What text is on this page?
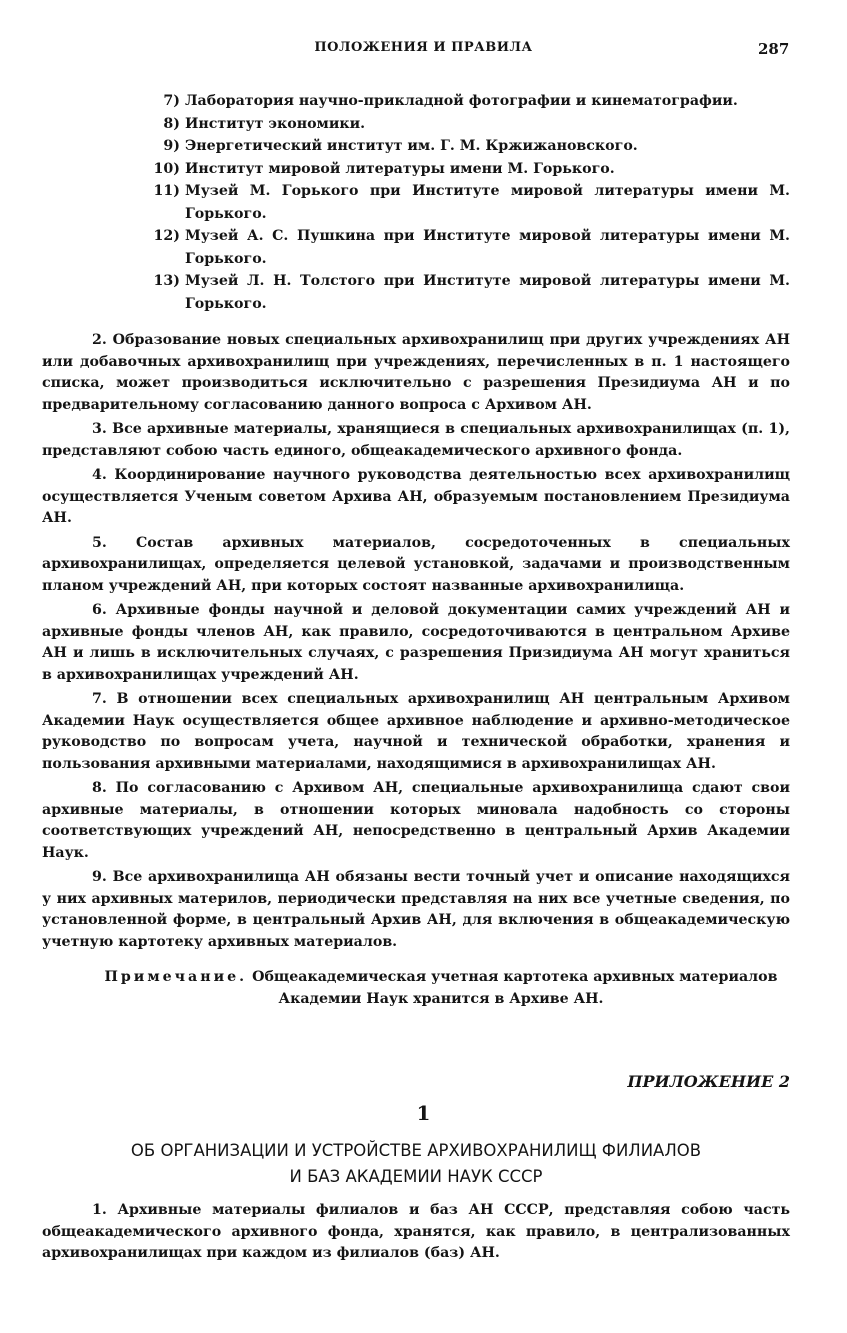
ПОЛОЖЕНИЯ И ПРАВИЛА	287
7) Лаборатория научно-прикладной фотографии и кинематографии.
8) Институт экономики.
9) Энергетический институт им. Г. М. Кржижановского.
10) Институт мировой литературы имени М. Горького.
11) Музей М. Горького при Институте мировой литературы имени М. Горького.
12) Музей А. С. Пушкина при Институте мировой литературы имени М. Горького.
13) Музей Л. Н. Толстого при Институте мировой литературы имени М. Горького.

2. Образование новых специальных архивохранилищ при других учреждениях АН или добавочных архивохранилищ при учреждениях, перечисленных в п. 1 настоящего списка, может производиться исключительно с разрешения Президиума АН и по предварительному согласованию данного вопроса с Архивом АН.

3. Все архивные материалы, хранящиеся в специальных архивохранилищах (п. 1), представляют собою часть единого, общеакадемического архивного фонда.

4. Координирование научного руководства деятельностью всех архивохранилищ осуществляется Ученым советом Архива АН, образуемым постановлением Президиума АН.

5. Состав архивных материалов, сосредоточенных в специальных архивохранилищах, определяется целевой установкой, задачами и производственным планом учреждений АН, при которых состоят названные архивохранилища.

6. Архивные фонды научной и деловой документации самих учреждений АН и архивные фонды членов АН, как правило, сосредоточиваются в центральном Архиве АН и лишь в исключительных случаях, с разрешения Призидиума АН могут храниться в архивохранилищах учреждений АН.

7. В отношении всех специальных архивохранилищ АН центральным Архивом Академии Наук осуществляется общее архивное наблюдение и архивно-методическое руководство по вопросам учета, научной и технической обработки, хранения и пользования архивными материалами, находящимися в архивохранилищах АН.

8. По согласованию с Архивом АН, специальные архивохранилища сдают свои архивные материалы, в отношении которых миновала надобность со стороны соответствующих учреждений АН, непосредственно в центральный Архив Академии Наук.

9. Все архивохранилища АН обязаны вести точный учет и описание находящихся у них архивных материлов, периодически представляя на них все учетные сведения, по установленной форме, в центральный Архив АН, для включения в общеакадемическую учетную картотеку архивных материалов.

Примечание. Общеакадемическая учетная картотека архивных материалов Академии Наук хранится в Архиве АН.

ПРИЛОЖЕНИЕ 2
1
ОБ ОРГАНИЗАЦИИ И УСТРОЙСТВЕ АРХИВОХРАНИЛИЩ ФИЛИАЛОВ
И БАЗ АКАДЕМИИ НАУК СССР

1. Архивные материалы филиалов и баз АН СССР, представляя собою часть общеакадемического архивного фонда, хранятся, как правило, в централизованных архивохранилищах при каждом из филиалов (баз) АН.
